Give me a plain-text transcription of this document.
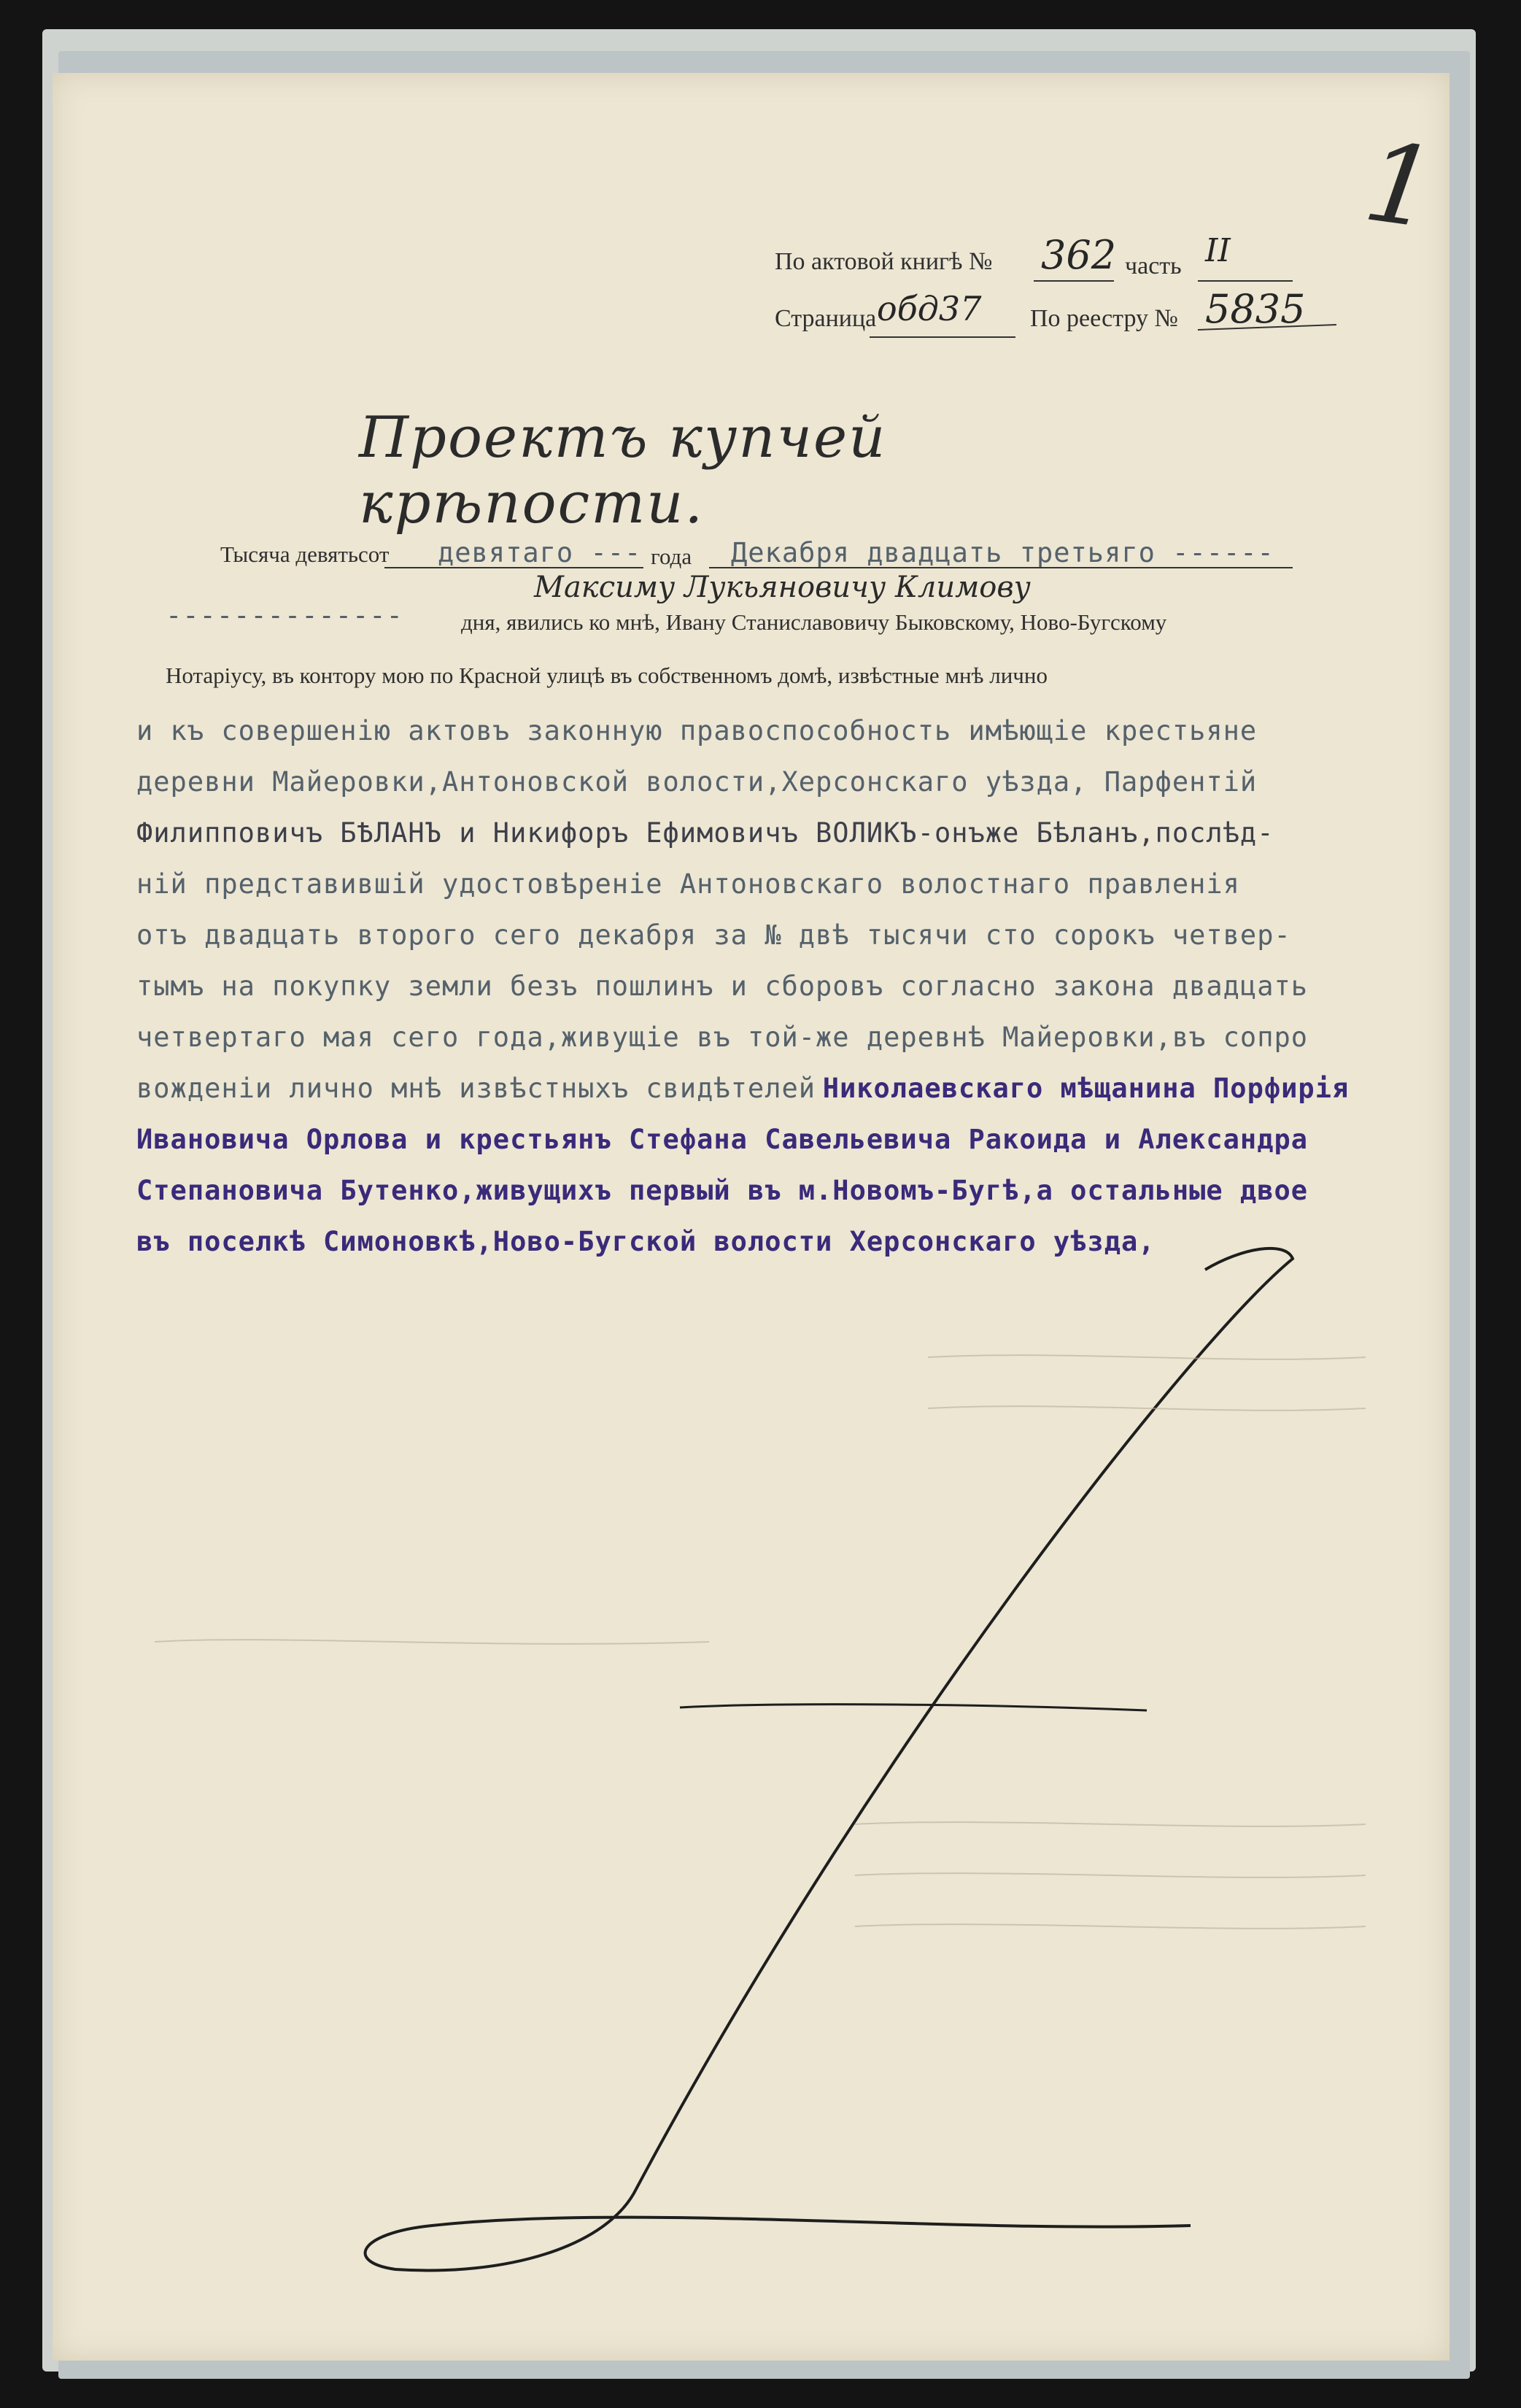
1
По актовой книгѣ № 362 часть II
Страница обд37 По реестру № 5835
Проектъ купчей крѣпости.
Тысяча девятьсот девятаго --- года Декабря двадцать третьяго ------
Максиму Лукьяновичу Климову
--------------	дня, явились ко мнѣ, Ивану Станиславовичу Быковскому, Ново-Бугскому
Нотаріусу, въ контору мою по Красной улицѣ въ собственномъ домѣ, извѣстные мнѣ лично
и къ совершенію актовъ законную правоспособность имѣющіе крестьяне
деревни Майеровки,Антоновской волости,Херсонскаго уѣзда, Парфентій
Филипповичъ БѢЛАНЪ и Никифоръ Ефимовичъ ВОЛИКЪ-онъже Бѣланъ,послѣд-
ній представившій удостовѣреніе Антоновскаго волостнаго правленія
отъ двадцать второго сего декабря за № двѣ тысячи сто сорокъ четвер-
тымъ на покупку земли безъ пошлинъ и сборовъ согласно закона двадцать
четвертаго мая сего года,живущіе въ той-же деревнѣ Майеровки,въ сопро
вожденіи лично мнѣ извѣстныхъ свидѣтелей Николаевскаго мѣщанина Порфирія
Ивановича Орлова и крестьянъ Стефана Савельевича Ракоида и Александра
Степановича Бутенко,живущихъ первый въ м.Новомъ-Бугѣ,а остальные двое
въ поселкѣ Симоновкѣ,Ново-Бугской волости Херсонскаго уѣзда,
